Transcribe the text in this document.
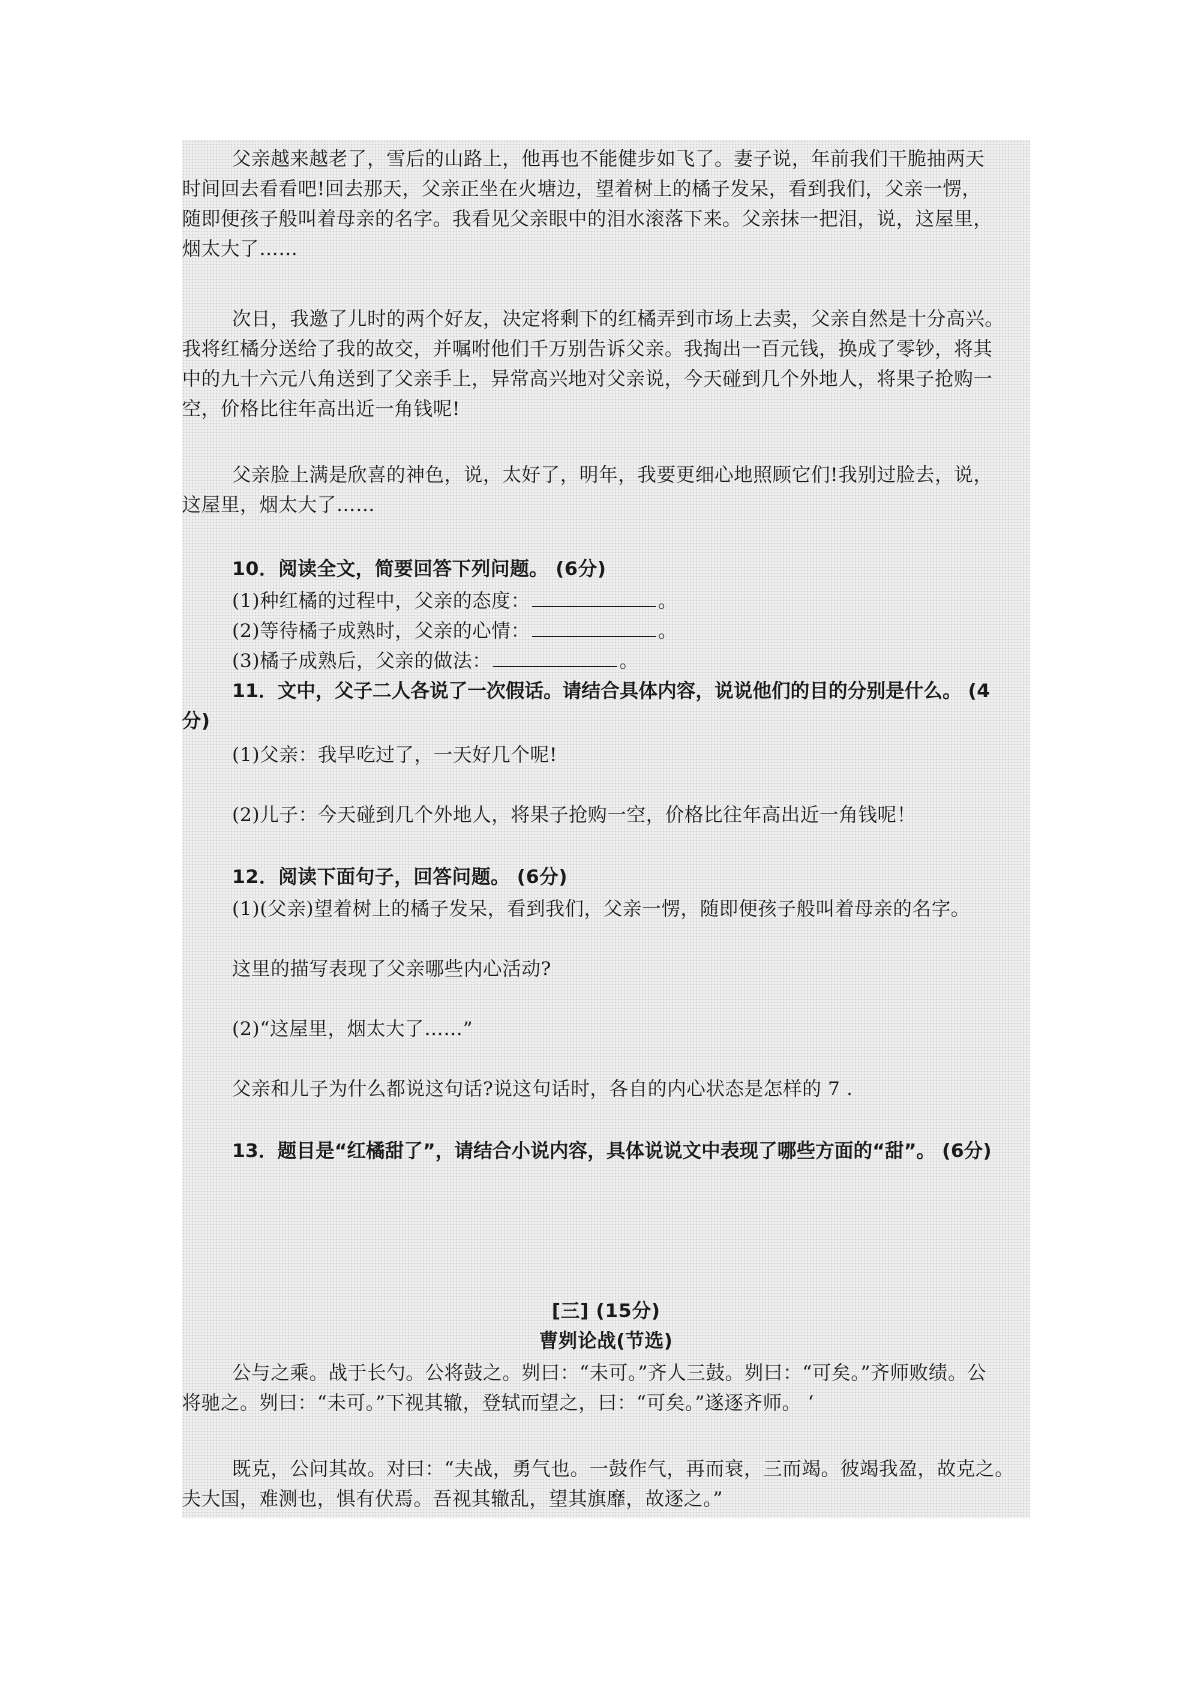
父亲越来越老了，雪后的山路上，他再也不能健步如飞了。妻子说，年前我们干脆抽两天
时间回去看看吧!回去那天，父亲正坐在火塘边，望着树上的橘子发呆，看到我们，父亲一愣，
随即便孩子般叫着母亲的名字。我看见父亲眼中的泪水滚落下来。父亲抹一把泪，说，这屋里，
烟太大了……
次日，我邀了儿时的两个好友，决定将剩下的红橘弄到市场上去卖，父亲自然是十分高兴。
我将红橘分送给了我的故交，并嘱咐他们千万别告诉父亲。我掏出一百元钱，换成了零钞，将其
中的九十六元八角送到了父亲手上，异常高兴地对父亲说，今天碰到几个外地人，将果子抢购一
空，价格比往年高出近一角钱呢!
父亲脸上满是欣喜的神色，说，太好了，明年，我要更细心地照顾它们!我别过脸去，说，
这屋里，烟太大了……
10．阅读全文，简要回答下列问题。 (6分)
(1)种红橘的过程中，父亲的态度：	。
(2)等待橘子成熟时，父亲的心情：	。
(3)橘子成熟后，父亲的做法：	。
11．文中，父子二人各说了一次假话。请结合具体内容，说说他们的目的分别是什么。 (4
分)
(1)父亲：我早吃过了，一天好几个呢!
(2)儿子：今天碰到几个外地人，将果子抢购一空，价格比往年高出近一角钱呢！
12．阅读下面句子，回答问题。 (6分)
(1)(父亲)望着树上的橘子发呆，看到我们，父亲一愣，随即便孩子般叫着母亲的名字。
这里的描写表现了父亲哪些内心活动?
(2)“这屋里，烟太大了……”
父亲和儿子为什么都说这句话?说这句话时，各自的内心状态是怎样的 7 .
13．题目是“红橘甜了”，请结合小说内容，具体说说文中表现了哪些方面的“甜”。 (6分)
[三] (15分)
曹刿论战(节选)
公与之乘。战于长勺。公将鼓之。刿曰：“未可。”齐人三鼓。刿曰：“可矣。”齐师败绩。公
将驰之。刿曰：“未可。”下视其辙，登轼而望之，曰：“可矣。”遂逐齐师。 ‘
既克，公问其故。对曰：“夫战，勇气也。一鼓作气，再而衰，三而竭。彼竭我盈，故克之。
夫大国，难测也，惧有伏焉。吾视其辙乱，望其旗靡，故逐之。”
